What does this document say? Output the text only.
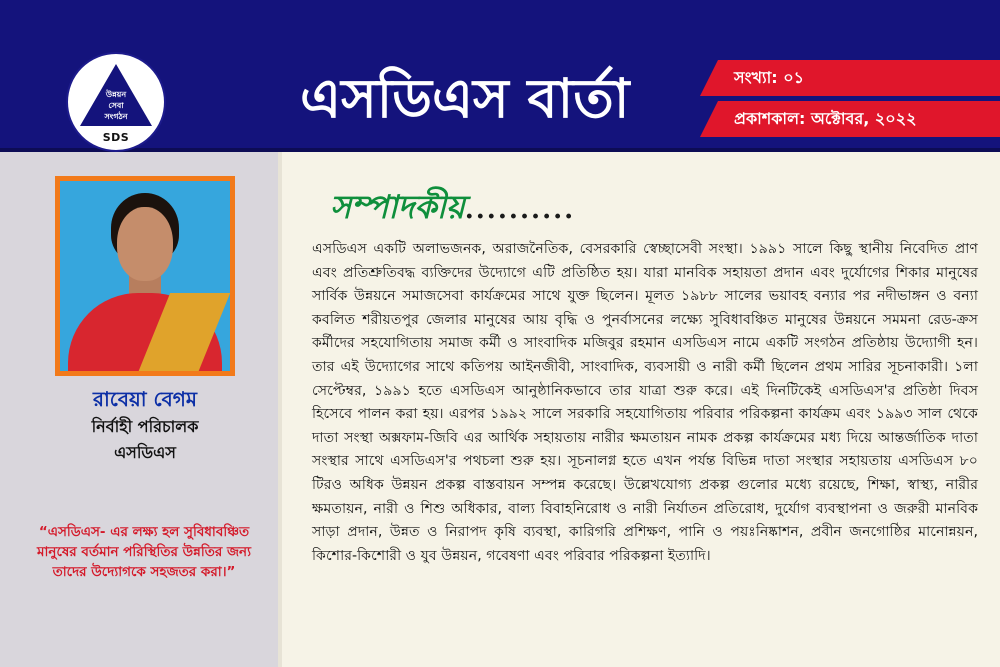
উন্নয়ন
সেবা
সংগঠন
SDS
এসডিএস বার্তা	সংখ্যা: ০১
প্রকাশকাল: অক্টোবর, ২০২২
রাবেয়া বেগম
নির্বাহী পরিচালক
এসডিএস
“এসডিএস- এর লক্ষ্য হল সুবিধাবঞ্চিত মানুষের বর্তমান পরিস্থিতির উন্নতির জন্য তাদের উদ্যোগকে সহজতর করা।”
সম্পাদকীয়..........
এসডিএস একটি অলাভজনক, অরাজনৈতিক, বেসরকারি স্বেচ্ছাসেবী সংস্থা। ১৯৯১ সালে কিছু স্থানীয় নিবেদিত প্রাণ এবং প্রতিশ্রুতিবদ্ধ ব্যক্তিদের উদ্যোগে এটি প্রতিষ্ঠিত হয়। যারা মানবিক সহায়তা প্রদান এবং দুর্যোগের শিকার মানুষের সার্বিক উন্নয়নে সমাজসেবা কার্যক্রমের সাথে যুক্ত ছিলেন। মূলত ১৯৮৮ সালের ভয়াবহ বন্যার পর নদীভাঙ্গন ও বন্যা কবলিত শরীয়তপুর জেলার মানুষের আয় বৃদ্ধি ও পুনর্বাসনের লক্ষ্যে সুবিধাবঞ্চিত মানুষের উন্নয়নে সমমনা রেড-ক্রস কর্মীদের সহযোগিতায় সমাজ কর্মী ও সাংবাদিক মজিবুর রহমান এসডিএস নামে একটি সংগঠন প্রতিষ্ঠায় উদ্যোগী হন। তার এই উদ্যোগের সাথে কতিপয় আইনজীবী, সাংবাদিক, ব্যবসায়ী ও নারী কর্মী ছিলেন প্রথম সারির সূচনাকারী। ১লা সেপ্টেম্বর, ১৯৯১ হতে এসডিএস আনুষ্ঠানিকভাবে তার যাত্রা শুরু করে। এই দিনটিকেই এসডিএস'র প্রতিষ্ঠা দিবস হিসেবে পালন করা হয়। এরপর ১৯৯২ সালে সরকারি সহযোগিতায় পরিবার পরিকল্পনা কার্যক্রম এবং ১৯৯৩ সাল থেকে দাতা সংস্থা অক্সফাম-জিবি এর আর্থিক সহায়তায় নারীর ক্ষমতায়ন নামক প্রকল্প কার্যক্রমের মধ্য দিয়ে আন্তর্জাতিক দাতা সংস্থার সাথে এসডিএস'র পথচলা শুরু হয়। সূচনালগ্ন হতে এখন পর্যন্ত বিভিন্ন দাতা সংস্থার সহায়তায় এসডিএস ৮০ টিরও অধিক উন্নয়ন প্রকল্প বাস্তবায়ন সম্পন্ন করেছে। উল্লেখযোগ্য প্রকল্প গুলোর মধ্যে রয়েছে, শিক্ষা, স্বাস্থ্য, নারীর ক্ষমতায়ন, নারী ও শিশু অধিকার, বাল্য বিবাহনিরোধ ও নারী নির্যাতন প্রতিরোধ, দুর্যোগ ব্যবস্থাপনা ও জরুরী মানবিক সাড়া প্রদান, উন্নত ও নিরাপদ কৃষি ব্যবস্থা, কারিগরি প্রশিক্ষণ, পানি ও পয়ঃনিষ্কাশন, প্রবীন জনগোষ্ঠির মানোন্নয়ন, কিশোর-কিশোরী ও যুব উন্নয়ন, গবেষণা এবং পরিবার পরিকল্পনা ইত্যাদি।
